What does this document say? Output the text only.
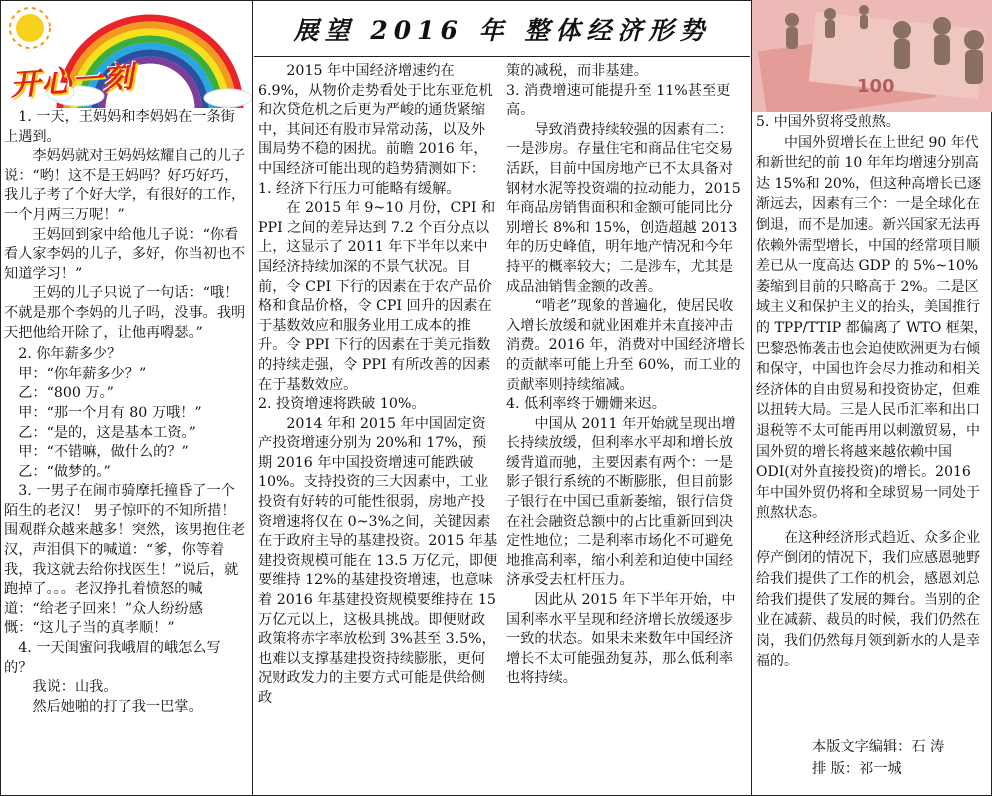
开心一刻
展望 2016 年 整体经济形势
100

1. 一天，王妈妈和李妈妈在一条街上遇到。

李妈妈就对王妈妈炫耀自己的儿子说：“哟！这不是王妈吗？好巧好巧，我儿子考了个好大学，有很好的工作，一个月两三万呢！”

王妈回到家中给他儿子说：“你看看人家李妈的儿子，多好，你当初也不知道学习！”

王妈的儿子只说了一句话：“哦！不就是那个李妈的儿子吗，没事。我明天把他给开除了，让他再嘚瑟。”

2. 你年薪多少？

甲：“你年薪多少？”

乙：“800 万。”

甲：“那一个月有 80 万哦！”

乙：“是的，这是基本工资。”

甲：“不错嘛，做什么的？”

乙：“做梦的。”

3. 一男子在闹市骑摩托撞昏了一个陌生的老汉！ 男子惊吓的不知所措！围观群众越来越多！突然，该男抱住老汉，声泪俱下的喊道：“爹，你等着我，我这就去给你找医生！”说后，就跑掉了。。。老汉挣扎着愤怒的喊道：“给老子回来！”众人纷纷感慨：“这儿子当的真孝顺！”

4. 一天闺蜜问我峨眉的峨怎么写的？

我说：山我。

然后她啪的打了我一巴掌。

2015 年中国经济增速约在 6.9%，从物价走势看处于比东亚危机和次贷危机之后更为严峻的通货紧缩中，其间还有股市异常动荡，以及外围局势不稳的困扰。前瞻 2016 年，中国经济可能出现的趋势猜测如下：

1. 经济下行压力可能略有缓解。

在 2015 年 9~10 月份，CPI 和 PPI 之间的差异达到 7.2 个百分点以上，这显示了 2011 年下半年以来中国经济持续加深的不景气状况。目前，令 CPI 下行的因素在于农产品价格和食品价格，令 CPI 回升的因素在于基数效应和服务业用工成本的推升。令 PPI 下行的因素在于美元指数的持续走强，令 PPI 有所改善的因素在于基数效应。

2. 投资增速将跌破 10%。

2014 年和 2015 年中国固定资产投资增速分别为 20%和 17%，预期 2016 年中国投资增速可能跌破 10%。支持投资的三大因素中，工业投资有好转的可能性很弱，房地产投资增速将仅在 0~3%之间，关键因素在于政府主导的基建投资。2015 年基建投资规模可能在 13.5 万亿元，即便要维持 12%的基建投资增速，也意味着 2016 年基建投资规模要维持在 15 万亿元以上，这极具挑战。即便财政政策将赤字率放松到 3%甚至 3.5%，也难以支撑基建投资持续膨胀，更何况财政发力的主要方式可能是供给侧政

策的减税，而非基建。

3. 消费增速可能提升至 11%甚至更高。

导致消费持续较强的因素有二：一是涉房。存量住宅和商品住宅交易活跃，目前中国房地产已不太具备对钢材水泥等投资端的拉动能力，2015 年商品房销售面积和金额可能同比分别增长 8%和 15%，创造超越 2013 年的历史峰值，明年地产情况和今年持平的概率较大；二是涉车，尤其是成品油销售金额的改善。

“啃老”现象的普遍化，使居民收入增长放缓和就业困难并未直接冲击消费。2016 年，消费对中国经济增长的贡献率可能上升至 60%，而工业的贡献率则持续缩减。

4. 低利率终于姗姗来迟。

中国从 2011 年开始就呈现出增长持续放缓，但利率水平却和增长放缓背道而驰，主要因素有两个：一是影子银行系统的不断膨胀，但目前影子银行在中国已重新萎缩，银行信贷在社会融资总额中的占比重新回到决定性地位；二是利率市场化不可避免地推高利率，缩小利差和迫使中国经济承受去杠杆压力。

因此从 2015 年下半年开始，中国利率水平呈现和经济增长放缓逐步一致的状态。如果未来数年中国经济增长不太可能强劲复苏，那么低利率也将持续。

5. 中国外贸将受煎熬。

中国外贸增长在上世纪 90 年代和新世纪的前 10 年年均增速分别高达 15%和 20%，但这种高增长已逐渐远去，因素有三个：一是全球化在倒退，而不是加速。新兴国家无法再依赖外需型增长，中国的经常项目顺差已从一度高达 GDP 的 5%~10%萎缩到目前的只略高于 2%。二是区域主义和保护主义的抬头，美国推行的 TPP/TTIP 都偏离了 WTO 框架，巴黎恐怖袭击也会迫使欧洲更为右倾和保守，中国也许会尽力推动和相关经济体的自由贸易和投资协定，但难以扭转大局。三是人民币汇率和出口退税等不太可能再用以刺激贸易，中国外贸的增长将越来越依赖中国 ODI(对外直接投资)的增长。2016 年中国外贸仍将和全球贸易一同处于煎熬状态。

在这种经济形式趋近、众多企业停产倒闭的情况下，我们应感恩驰野给我们提供了工作的机会，感恩刘总给我们提供了发展的舞台。当别的企业在减薪、裁员的时候，我们仍然在岗，我们仍然每月领到新水的人是幸福的。

本版文字编辑：石 涛
排 版：祁一城
